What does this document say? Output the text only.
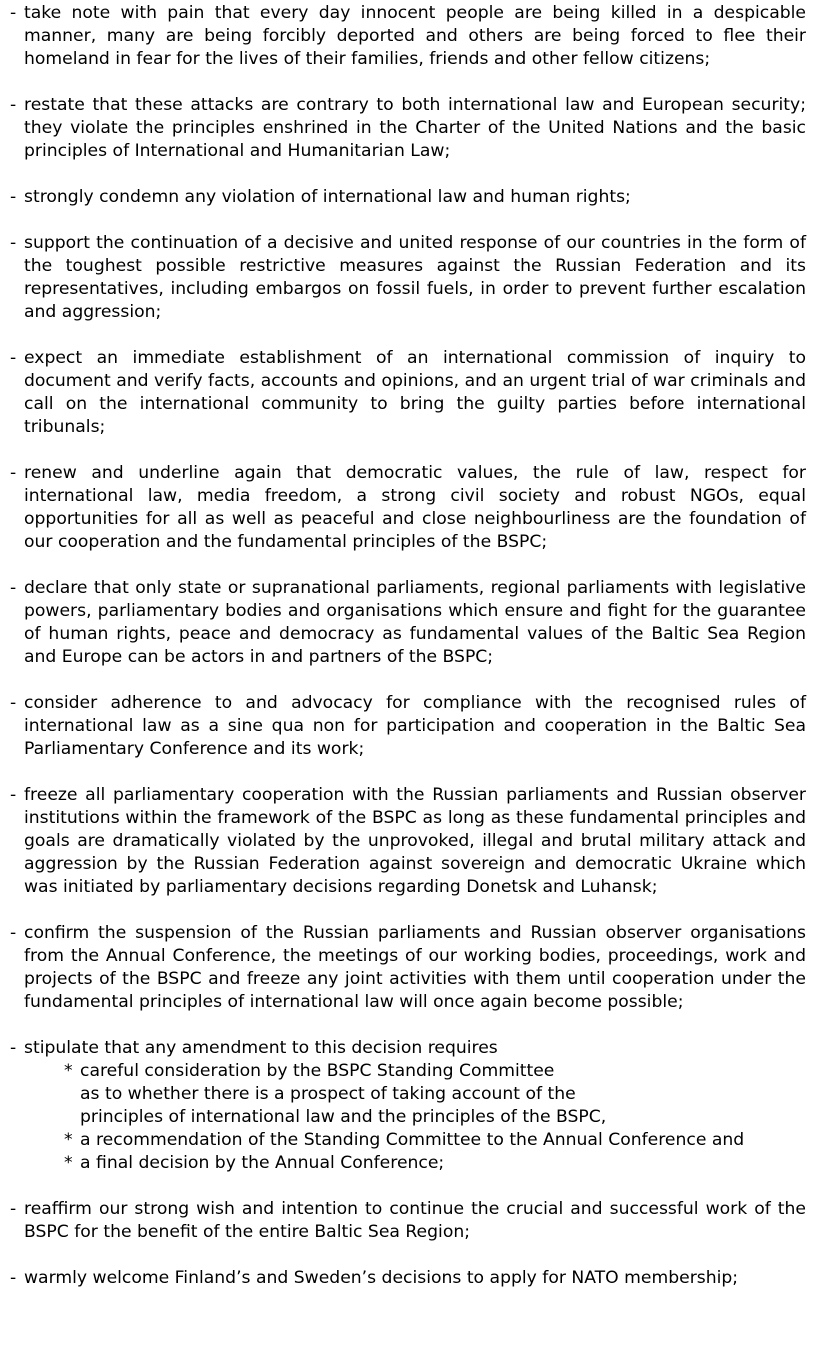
- take note with pain that every day innocent people are being killed in a despicable manner, many are being forcibly deported and others are being forced to flee their homeland in fear for the lives of their families, friends and other fellow citizens;
- restate that these attacks are contrary to both international law and European security; they violate the principles enshrined in the Charter of the United Nations and the basic principles of International and Humanitarian Law;
- strongly condemn any violation of international law and human rights;
- support the continuation of a decisive and united response of our countries in the form of the toughest possible restrictive measures against the Russian Federation and its representatives, including embargos on fossil fuels, in order to prevent further escalation and aggression;
- expect an immediate establishment of an international commission of inquiry to document and verify facts, accounts and opinions, and an urgent trial of war criminals and call on the international community to bring the guilty parties before international tribunals;
- renew and underline again that democratic values, the rule of law, respect for international law, media freedom, a strong civil society and robust NGOs, equal opportunities for all as well as peaceful and close neighbourliness are the foundation of our cooperation and the fundamental principles of the BSPC;
- declare that only state or supranational parliaments, regional parliaments with legislative powers, parliamentary bodies and organisations which ensure and fight for the guarantee of human rights, peace and democracy as fundamental values of the Baltic Sea Region and Europe can be actors in and partners of the BSPC;
- consider adherence to and advocacy for compliance with the recognised rules of international law as a sine qua non for participation and cooperation in the Baltic Sea Parliamentary Conference and its work;
- freeze all parliamentary cooperation with the Russian parliaments and Russian observer institutions within the framework of the BSPC as long as these fundamental principles and goals are dramatically violated by the unprovoked, illegal and brutal military attack and aggression by the Russian Federation against sovereign and democratic Ukraine which was initiated by parliamentary decisions regarding Donetsk and Luhansk;
- confirm the suspension of the Russian parliaments and Russian observer organisations from the Annual Conference, the meetings of our working bodies, proceedings, work and projects of the BSPC and freeze any joint activities with them until cooperation under the fundamental principles of international law will once again become possible;
- stipulate that any amendment to this decision requires
* careful consideration by the BSPC Standing Committee
as to whether there is a prospect of taking account of the
principles of international law and the principles of the BSPC,
* a recommendation of the Standing Committee to the Annual Conference and
* a final decision by the Annual Conference;
- reaffirm our strong wish and intention to continue the crucial and successful work of the BSPC for the benefit of the entire Baltic Sea Region;
- warmly welcome Finland’s and Sweden’s decisions to apply for NATO membership;
